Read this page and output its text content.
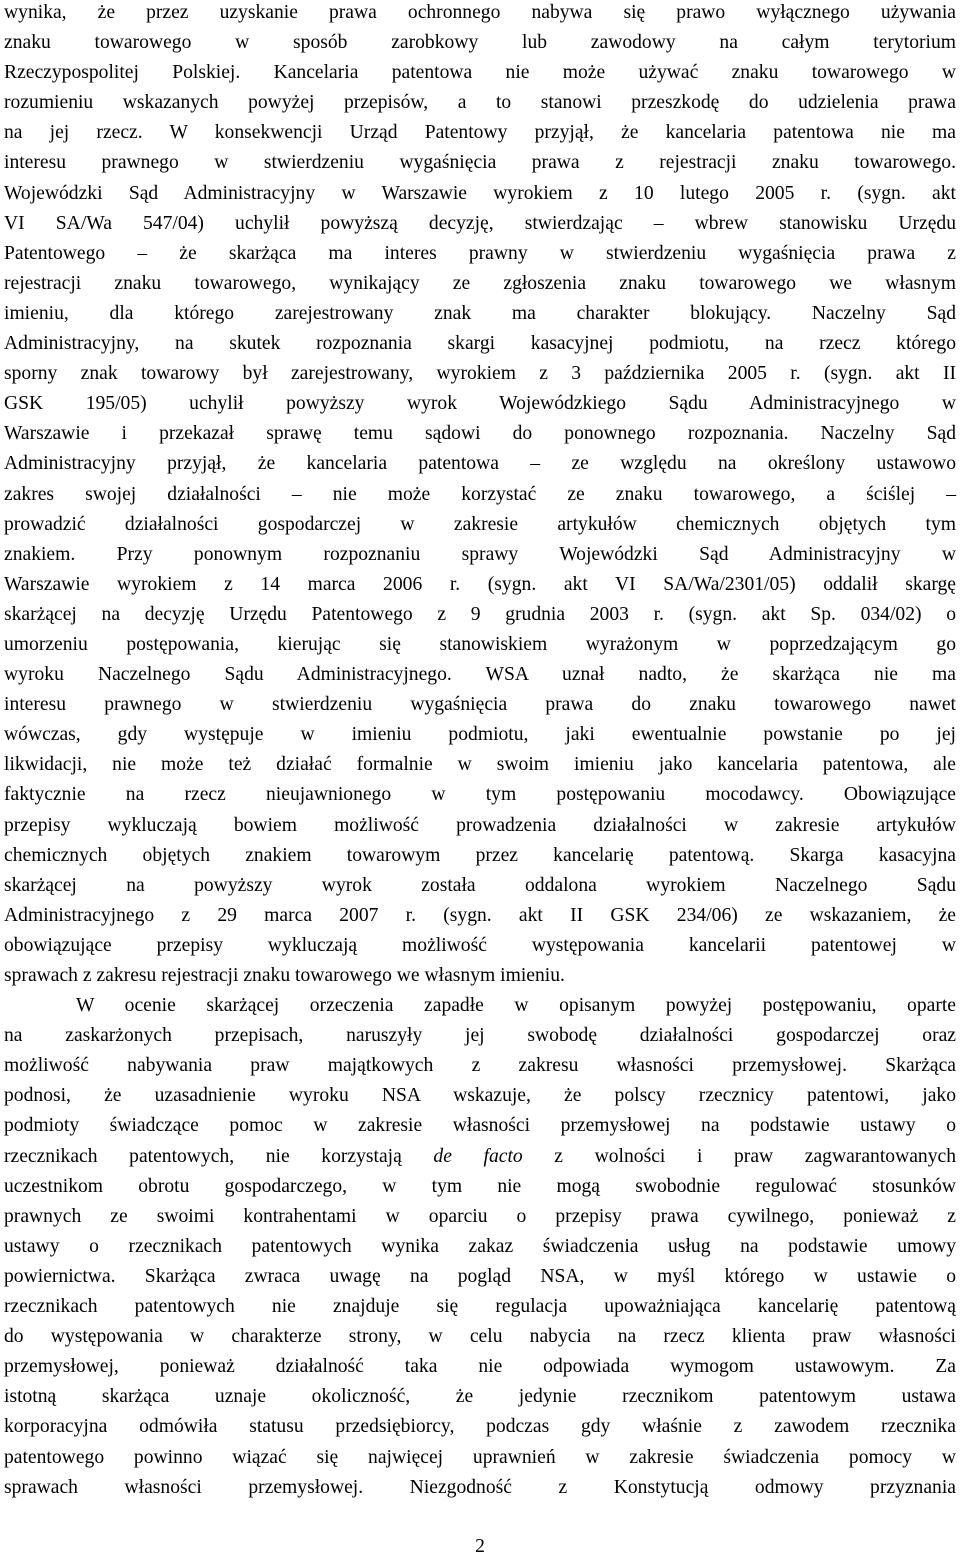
wynika, że przez uzyskanie prawa ochronnego nabywa się prawo wyłącznego używania
znaku towarowego w sposób zarobkowy lub zawodowy na całym terytorium
Rzeczypospolitej Polskiej. Kancelaria patentowa nie może używać znaku towarowego w
rozumieniu wskazanych powyżej przepisów, a to stanowi przeszkodę do udzielenia prawa
na jej rzecz. W konsekwencji Urząd Patentowy przyjął, że kancelaria patentowa nie ma
interesu prawnego w stwierdzeniu wygaśnięcia prawa z rejestracji znaku towarowego.
Wojewódzki Sąd Administracyjny w Warszawie wyrokiem z 10 lutego 2005 r. (sygn. akt
VI SA/Wa 547/04) uchylił powyższą decyzję, stwierdzając – wbrew stanowisku Urzędu
Patentowego – że skarżąca ma interes prawny w stwierdzeniu wygaśnięcia prawa z
rejestracji znaku towarowego, wynikający ze zgłoszenia znaku towarowego we własnym
imieniu, dla którego zarejestrowany znak ma charakter blokujący. Naczelny Sąd
Administracyjny, na skutek rozpoznania skargi kasacyjnej podmiotu, na rzecz którego
sporny znak towarowy był zarejestrowany, wyrokiem z 3 października 2005 r. (sygn. akt II
GSK 195/05) uchylił powyższy wyrok Wojewódzkiego Sądu Administracyjnego w
Warszawie i przekazał sprawę temu sądowi do ponownego rozpoznania. Naczelny Sąd
Administracyjny przyjął, że kancelaria patentowa – ze względu na określony ustawowo
zakres swojej działalności – nie może korzystać ze znaku towarowego, a ściślej –
prowadzić działalności gospodarczej w zakresie artykułów chemicznych objętych tym
znakiem. Przy ponownym rozpoznaniu sprawy Wojewódzki Sąd Administracyjny w
Warszawie wyrokiem z 14 marca 2006 r. (sygn. akt VI SA/Wa/2301/05) oddalił skargę
skarżącej na decyzję Urzędu Patentowego z 9 grudnia 2003 r. (sygn. akt Sp. 034/02) o
umorzeniu postępowania, kierując się stanowiskiem wyrażonym w poprzedzającym go
wyroku Naczelnego Sądu Administracyjnego. WSA uznał nadto, że skarżąca nie ma
interesu prawnego w stwierdzeniu wygaśnięcia prawa do znaku towarowego nawet
wówczas, gdy występuje w imieniu podmiotu, jaki ewentualnie powstanie po jej
likwidacji, nie może też działać formalnie w swoim imieniu jako kancelaria patentowa, ale
faktycznie na rzecz nieujawnionego w tym postępowaniu mocodawcy. Obowiązujące
przepisy wykluczają bowiem możliwość prowadzenia działalności w zakresie artykułów
chemicznych objętych znakiem towarowym przez kancelarię patentową. Skarga kasacyjna
skarżącej na powyższy wyrok została oddalona wyrokiem Naczelnego Sądu
Administracyjnego z 29 marca 2007 r. (sygn. akt II GSK 234/06) ze wskazaniem, że
obowiązujące przepisy wykluczają możliwość występowania kancelarii patentowej w
sprawach z zakresu rejestracji znaku towarowego we własnym imieniu.

W ocenie skarżącej orzeczenia zapadłe w opisanym powyżej postępowaniu, oparte
na zaskarżonych przepisach, naruszyły jej swobodę działalności gospodarczej oraz
możliwość nabywania praw majątkowych z zakresu własności przemysłowej. Skarżąca
podnosi, że uzasadnienie wyroku NSA wskazuje, że polscy rzecznicy patentowi, jako
podmioty świadczące pomoc w zakresie własności przemysłowej na podstawie ustawy o
rzecznikach patentowych, nie korzystają de facto z wolności i praw zagwarantowanych
uczestnikom obrotu gospodarczego, w tym nie mogą swobodnie regulować stosunków
prawnych ze swoimi kontrahentami w oparciu o przepisy prawa cywilnego, ponieważ z
ustawy o rzecznikach patentowych wynika zakaz świadczenia usług na podstawie umowy
powiernictwa. Skarżąca zwraca uwagę na pogląd NSA, w myśl którego w ustawie o
rzecznikach patentowych nie znajduje się regulacja upoważniająca kancelarię patentową
do występowania w charakterze strony, w celu nabycia na rzecz klienta praw własności
przemysłowej, ponieważ działalność taka nie odpowiada wymogom ustawowym. Za
istotną skarżąca uznaje okoliczność, że jedynie rzecznikom patentowym ustawa
korporacyjna odmówiła statusu przedsiębiorcy, podczas gdy właśnie z zawodem rzecznika
patentowego powinno wiązać się najwięcej uprawnień w zakresie świadczenia pomocy w
sprawach własności przemysłowej. Niezgodność z Konstytucją odmowy przyznania

2
